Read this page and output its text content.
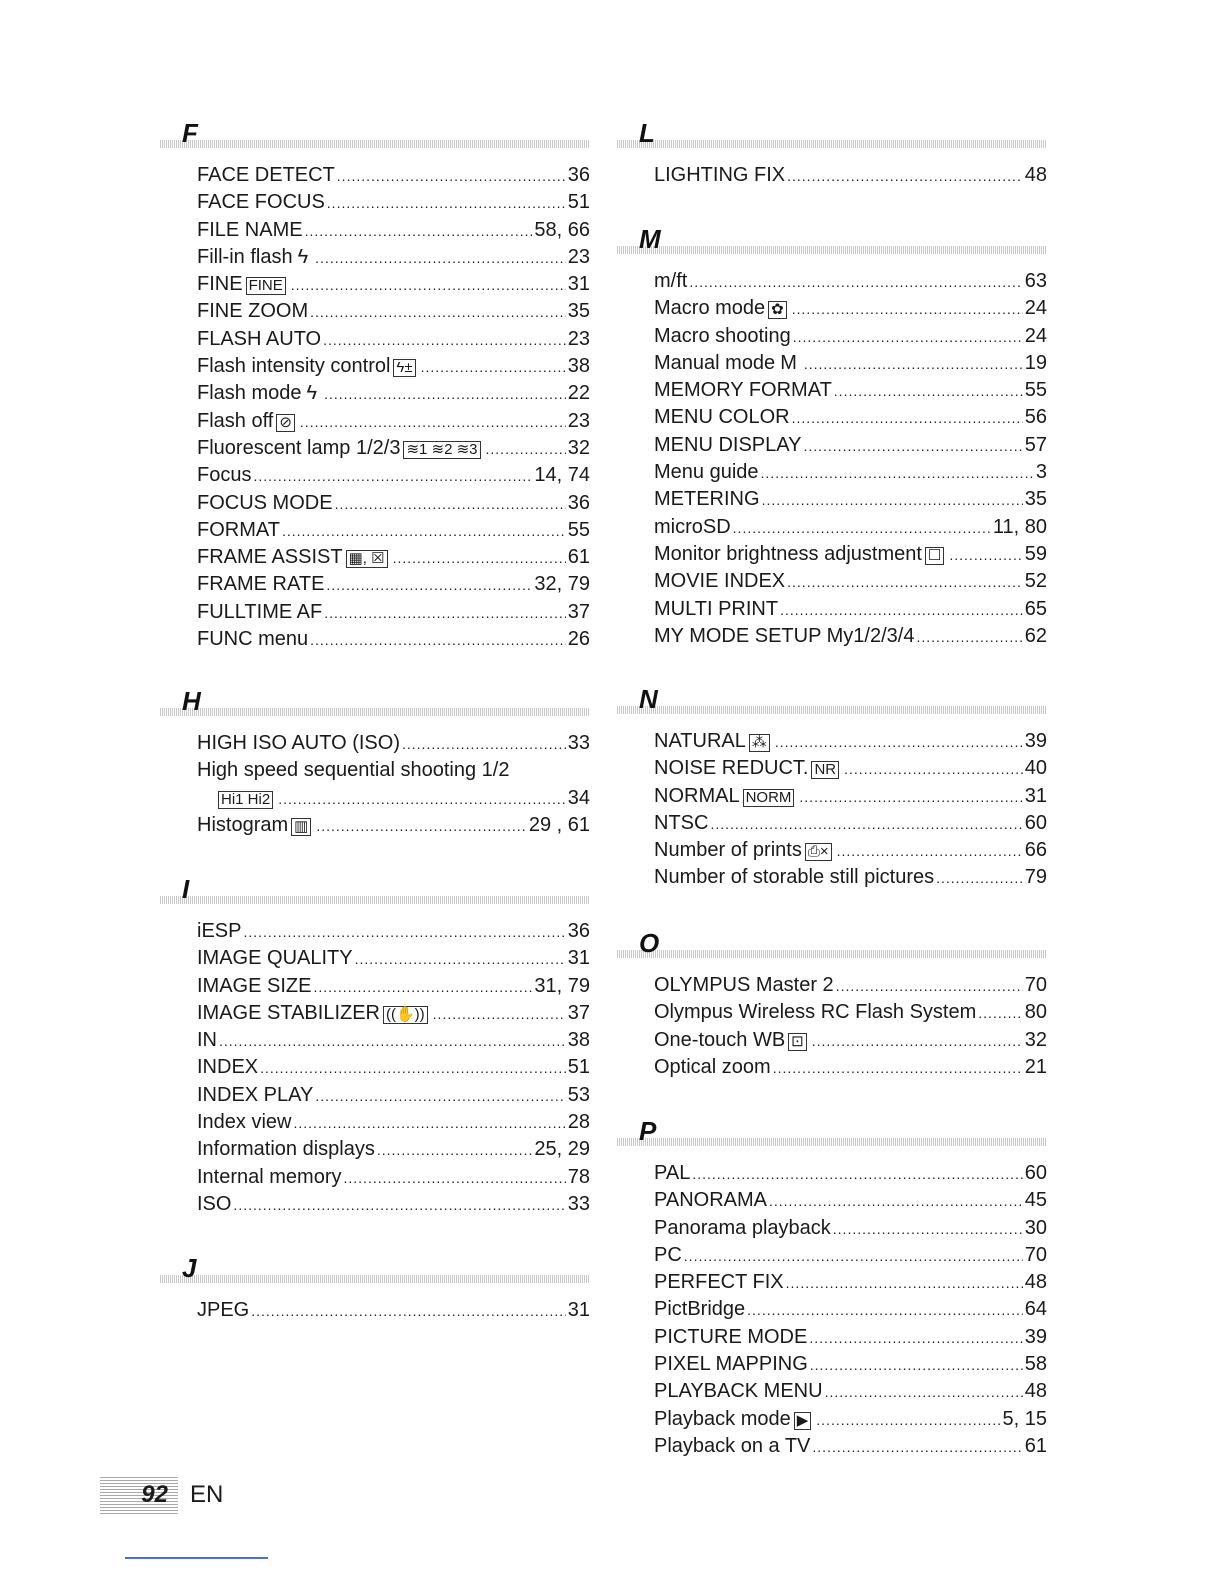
F
FACE DETECT .....	36
FACE FOCUS .....	51
FILE NAME .....	58, 66
Fill-in flash ϟ .....	23
FINE FINE .....	31
FINE ZOOM .....	35
FLASH AUTO .....	23
Flash intensity control ϟ± .....	38
Flash mode ϟ .....	22
Flash off ⊘ .....	23
Fluorescent lamp 1/2/3 ≋1 ≋2 ≋3 .....	32
Focus .....	14, 74
FOCUS MODE .....	36
FORMAT .....	55
FRAME ASSIST ▦, ☒ .....	61
FRAME RATE .....	32, 79
FULLTIME AF .....	37
FUNC menu .....	26
H
HIGH ISO AUTO (ISO) .....	33
High speed sequential shooting 1/2
Hi1 Hi2 .....	34
Histogram ▥ .....	29 , 61
I
iESP .....	36
IMAGE QUALITY .....	31
IMAGE SIZE .....	31, 79
IMAGE STABILIZER ((✋)) .....	37
IN .....	38
INDEX .....	51
INDEX PLAY .....	53
Index view .....	28
Information displays .....	25, 29
Internal memory .....	78
ISO .....	33
J
JPEG .....	31
L
LIGHTING FIX .....	48
M
m/ft .....	63
Macro mode ✿ .....	24
Macro shooting .....	24
Manual mode M .....	19
MEMORY FORMAT .....	55
MENU COLOR .....	56
MENU DISPLAY .....	57
Menu guide .....	3
METERING .....	35
microSD .....	11, 80
Monitor brightness adjustment ☐ .....	59
MOVIE INDEX .....	52
MULTI PRINT .....	65
MY MODE SETUP My1/2/3/4 .....	62
N
NATURAL ⁂ .....	39
NOISE REDUCT. NR .....	40
NORMAL NORM .....	31
NTSC .....	60
Number of prints ⎙× .....	66
Number of storable still pictures .....	79
O
OLYMPUS Master 2 .....	70
Olympus Wireless RC Flash System ..... 80
One-touch WB ⊡ .....	32
Optical zoom .....	21
P
PAL .....	60
PANORAMA .....	45
Panorama playback .....	30
PC .....	70
PERFECT FIX .....	48
PictBridge .....	64
PICTURE MODE .....	39
PIXEL MAPPING .....	58
PLAYBACK MENU .....	48
Playback mode ▶ .....	5, 15
Playback on a TV .....	61
92 EN
